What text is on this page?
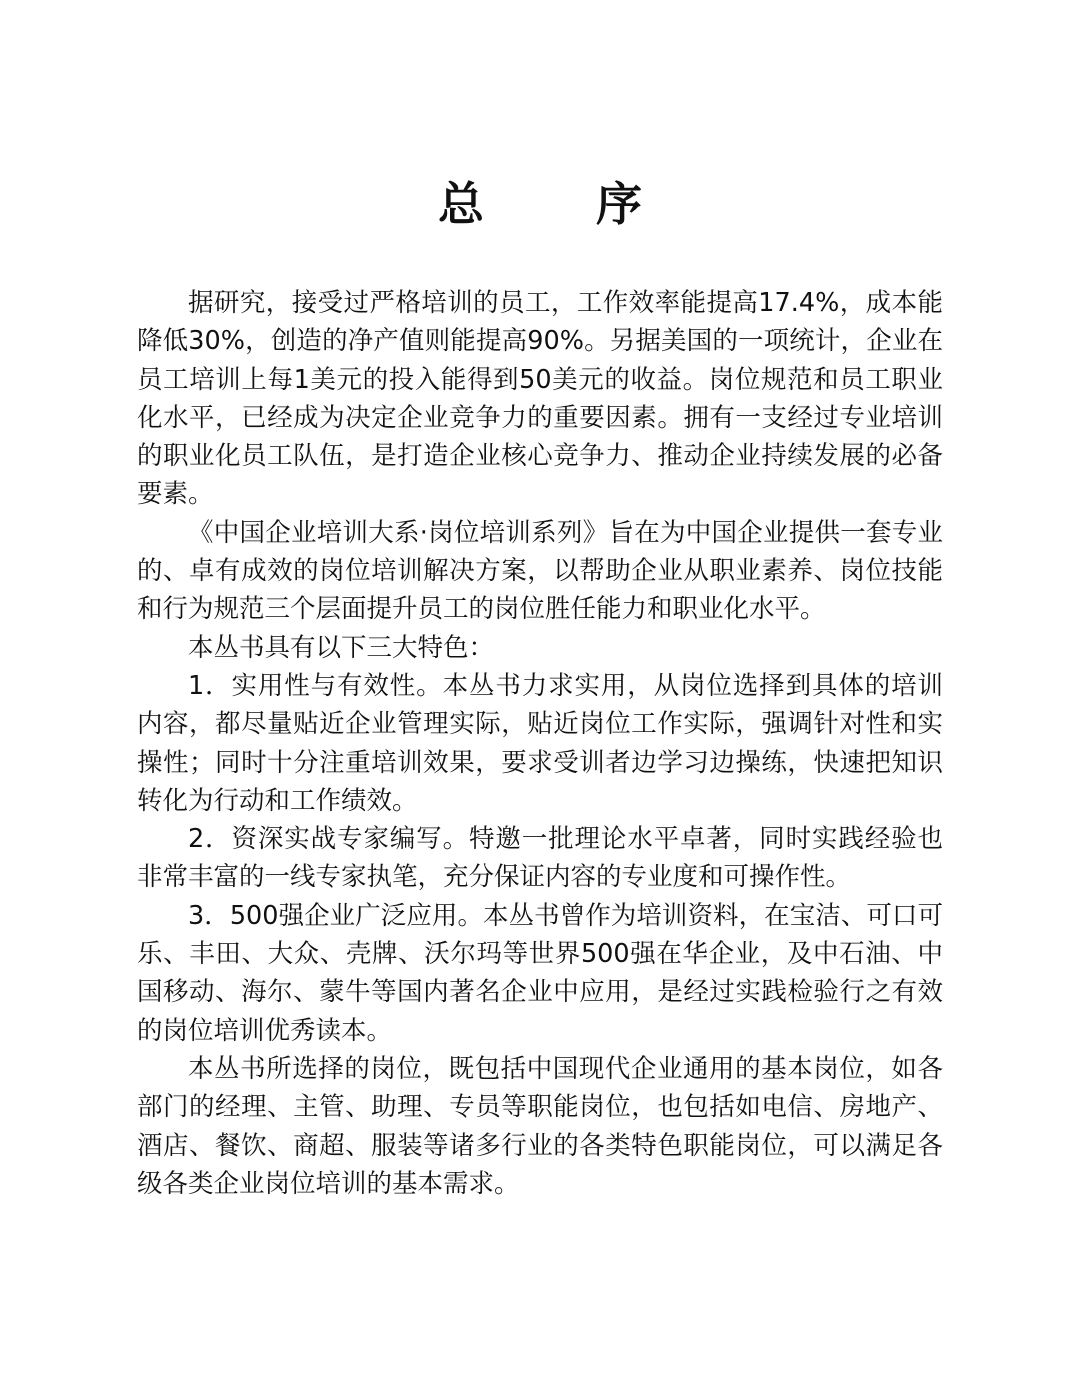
总 序

据研究，接受过严格培训的员工，工作效率能提高17.4%，成本能降低30%，创造的净产值则能提高90%。另据美国的一项统计，企业在员工培训上每1美元的投入能得到50美元的收益。岗位规范和员工职业化水平，已经成为决定企业竞争力的重要因素。拥有一支经过专业培训的职业化员工队伍，是打造企业核心竞争力、推动企业持续发展的必备要素。

《中国企业培训大系·岗位培训系列》旨在为中国企业提供一套专业的、卓有成效的岗位培训解决方案，以帮助企业从职业素养、岗位技能和行为规范三个层面提升员工的岗位胜任能力和职业化水平。

本丛书具有以下三大特色：

1．实用性与有效性。本丛书力求实用，从岗位选择到具体的培训内容，都尽量贴近企业管理实际，贴近岗位工作实际，强调针对性和实操性；同时十分注重培训效果，要求受训者边学习边操练，快速把知识转化为行动和工作绩效。

2．资深实战专家编写。特邀一批理论水平卓著，同时实践经验也非常丰富的一线专家执笔，充分保证内容的专业度和可操作性。

3．500强企业广泛应用。本丛书曾作为培训资料，在宝洁、可口可乐、丰田、大众、壳牌、沃尔玛等世界500强在华企业，及中石油、中国移动、海尔、蒙牛等国内著名企业中应用，是经过实践检验行之有效的岗位培训优秀读本。

本丛书所选择的岗位，既包括中国现代企业通用的基本岗位，如各部门的经理、主管、助理、专员等职能岗位，也包括如电信、房地产、酒店、餐饮、商超、服装等诸多行业的各类特色职能岗位，可以满足各级各类企业岗位培训的基本需求。
